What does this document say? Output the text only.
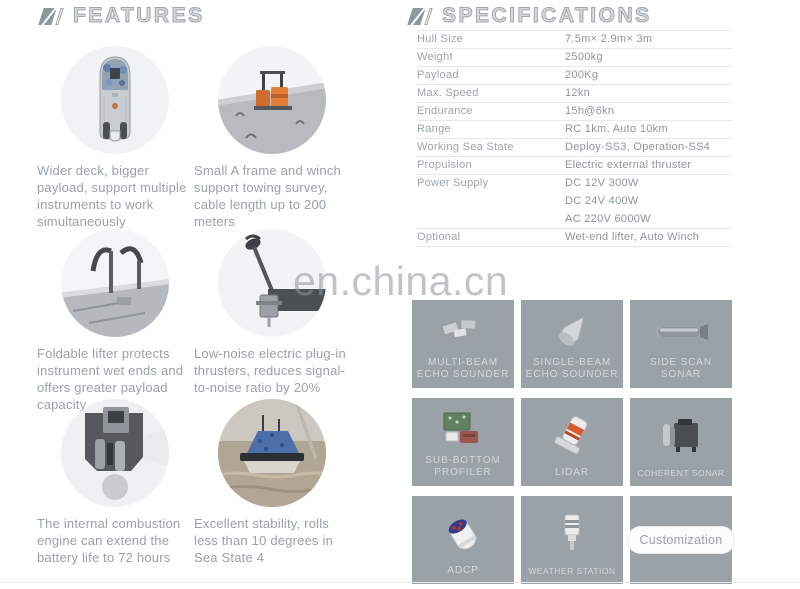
FEATURES
Wider deck, bigger payload, support multiple instruments to work simultaneously
Small A frame and winch support towing survey, cable length up to 200 meters
Foldable lifter protects instrument wet ends and offers greater payload capacity
Low-noise electric plug-in thrusters, reduces signal-to-noise ratio by 20%
The internal combustion engine can extend the battery life to 72 hours
Excellent stability, rolls less than 10 degrees in Sea State 4
SPECIFICATIONS
Hull Size	7.5m× 2.9m× 3m
Weight	2500kg
Payload	200Kg
Max. Speed	12kn
Endurance	15h@6kn
Range	RC 1km, Auto 10km
Working Sea State	Deploy-SS3, Operation-SS4
Propulsion	Electric external thruster
Power Supply	DC 12V 300W
DC 24V 400W
AC 220V 6000W
Optional	Wet-end lifter, Auto Winch
MULTI-BEAM ECHO SOUNDER
SINGLE-BEAM ECHO SOUNDER
SIDE SCAN SONAR
SUB-BOTTOM PROFILER	LIDAR	COHERENT SONAR
ADCP	WEATHER STATION
Customization
en.china.cn
